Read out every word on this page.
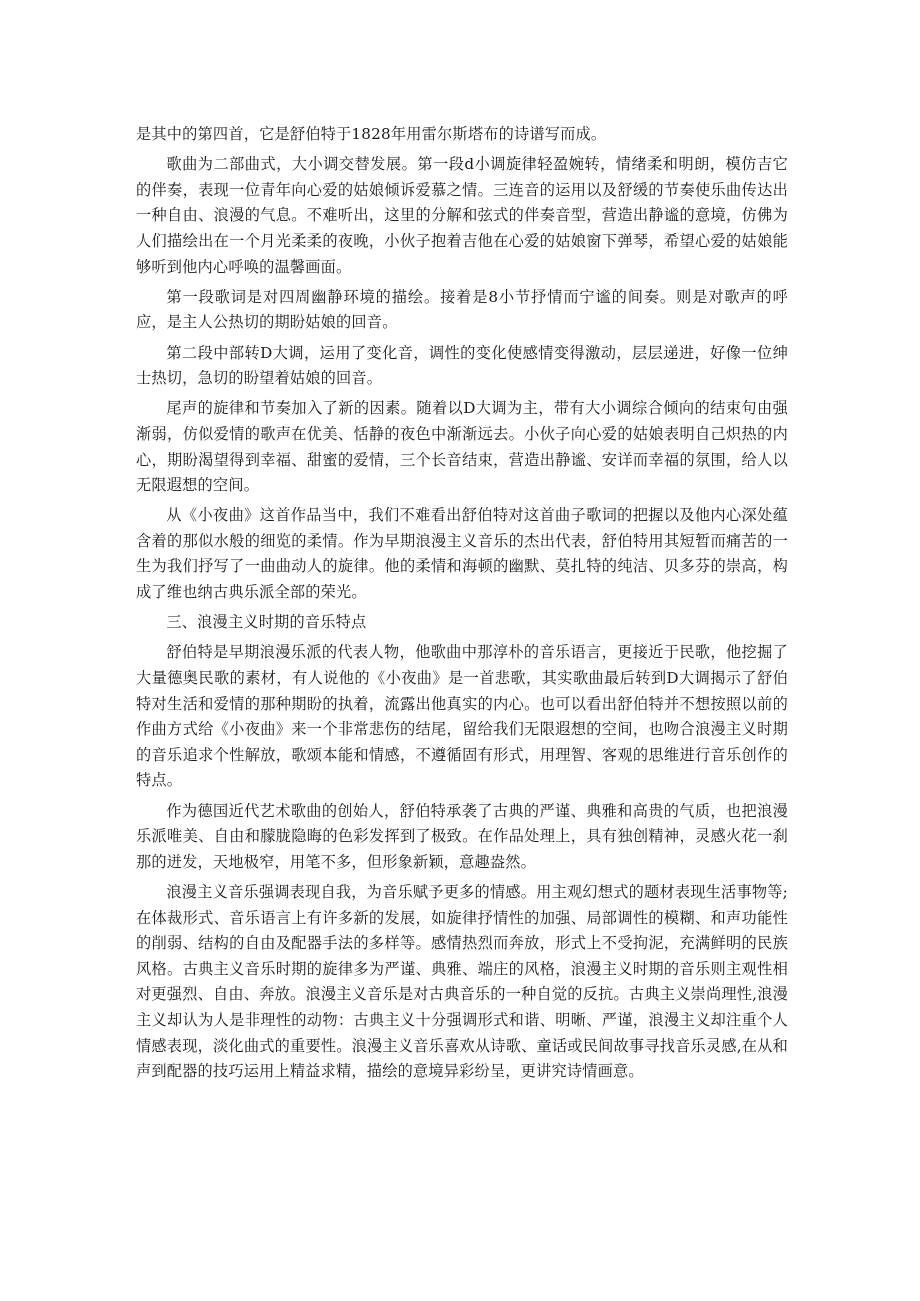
是其中的第四首，它是舒伯特于1828年用雷尔斯塔布的诗谱写而成。

歌曲为二部曲式，大小调交替发展。第一段d小调旋律轻盈婉转，情绪柔和明朗，模仿吉它的伴奏，表现一位青年向心爱的姑娘倾诉爱慕之情。三连音的运用以及舒缓的节奏使乐曲传达出一种自由、浪漫的气息。不难听出，这里的分解和弦式的伴奏音型，营造出静谧的意境，仿佛为人们描绘出在一个月光柔柔的夜晚，小伙子抱着吉他在心爱的姑娘窗下弹琴，希望心爱的姑娘能够听到他内心呼唤的温馨画面。

第一段歌词是对四周幽静环境的描绘。接着是8小节抒情而宁谧的间奏。则是对歌声的呼应，是主人公热切的期盼姑娘的回音。

第二段中部转D大调，运用了变化音，调性的变化使感情变得激动，层层递进，好像一位绅士热切，急切的盼望着姑娘的回音。

尾声的旋律和节奏加入了新的因素。随着以D大调为主，带有大小调综合倾向的结束句由强渐弱，仿似爱情的歌声在优美、恬静的夜色中渐渐远去。小伙子向心爱的姑娘表明自己炽热的内心，期盼渴望得到幸福、甜蜜的爱情，三个长音结束，营造出静谧、安详而幸福的氛围，给人以无限遐想的空间。

从《小夜曲》这首作品当中，我们不难看出舒伯特对这首曲子歌词的把握以及他内心深处蕴含着的那似水般的细览的柔情。作为早期浪漫主义音乐的杰出代表，舒伯特用其短暂而痛苦的一生为我们抒写了一曲曲动人的旋律。他的柔情和海顿的幽默、莫扎特的纯洁、贝多芬的崇高，构成了维也纳古典乐派全部的荣光。

三、浪漫主义时期的音乐特点

舒伯特是早期浪漫乐派的代表人物，他歌曲中那淳朴的音乐语言，更接近于民歌，他挖掘了大量德奥民歌的素材，有人说他的《小夜曲》是一首悲歌，其实歌曲最后转到D大调揭示了舒伯特对生活和爱情的那种期盼的执着，流露出他真实的内心。也可以看出舒伯特并不想按照以前的作曲方式给《小夜曲》来一个非常悲伤的结尾，留给我们无限遐想的空间，也吻合浪漫主义时期的音乐追求个性解放，歌颂本能和情感，不遵循固有形式，用理智、客观的思维进行音乐创作的特点。

作为德国近代艺术歌曲的创始人，舒伯特承袭了古典的严谨、典雅和高贵的气质，也把浪漫乐派唯美、自由和朦胧隐晦的色彩发挥到了极致。在作品处理上，具有独创精神，灵感火花一刹那的迸发，天地极窄，用笔不多，但形象新颖，意趣盎然。

浪漫主义音乐强调表现自我，为音乐赋予更多的情感。用主观幻想式的题材表现生活事物等;在体裁形式、音乐语言上有许多新的发展，如旋律抒情性的加强、局部调性的模糊、和声功能性的削弱、结构的自由及配器手法的多样等。感情热烈而奔放，形式上不受拘泥，充满鲜明的民族风格。古典主义音乐时期的旋律多为严谨、典雅、端庄的风格，浪漫主义时期的音乐则主观性相对更强烈、自由、奔放。浪漫主义音乐是对古典音乐的一种自觉的反抗。古典主义崇尚理性,浪漫主义却认为人是非理性的动物：古典主义十分强调形式和谐、明晰、严谨，浪漫主义却注重个人情感表现，淡化曲式的重要性。浪漫主义音乐喜欢从诗歌、童话或民间故事寻找音乐灵感,在从和声到配器的技巧运用上精益求精，描绘的意境异彩纷呈，更讲究诗情画意。
